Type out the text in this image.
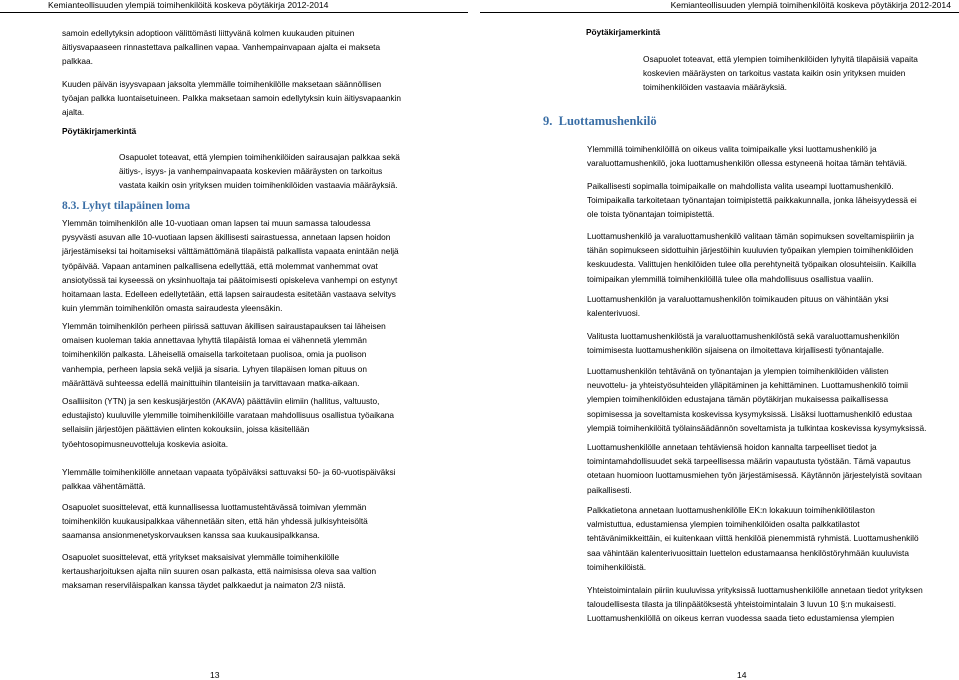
Kemianteollisuuden ylempiä toimihenkilöitä koskeva pöytäkirja 2012-2014
samoin edellytyksin adoptioon välittömästi liittyvänä kolmen kuukauden pituinen
äitiysvapaaseen rinnastettava palkallinen vapaa. Vanhempainvapaan ajalta ei makseta
palkkaa.
Kuuden päivän isyysvapaan jaksolta ylemmälle toimihenkilölle maksetaan säännöllisen
työajan palkka luontaisetuineen. Palkka maksetaan samoin edellytyksin kuin äitiysvapaankin
ajalta.
Pöytäkirjamerkintä
Osapuolet toteavat, että ylempien toimihenkilöiden sairausajan palkkaa sekä
äitiys-, isyys- ja vanhempainvapaata koskevien määräysten on tarkoitus
vastata kaikin osin yrityksen muiden toimihenkilöiden vastaavia määräyksiä.
8.3. Lyhyt tilapäinen loma
Ylemmän toimihenkilön alle 10-vuotiaan oman lapsen tai muun samassa taloudessa
pysyvästi asuvan alle 10-vuotiaan lapsen äkillisesti sairastuessa, annetaan lapsen hoidon
järjestämiseksi tai hoitamiseksi välttämättömänä tilapäistä palkallista vapaata enintään neljä
työpäivää. Vapaan antaminen palkallisena edellyttää, että molemmat vanhemmat ovat
ansiotyössä tai kyseessä on yksinhuoltaja tai päätoimisesti opiskeleva vanhempi on estynyt
hoitamaan lasta. Edelleen edellytetään, että lapsen sairaudesta esitetään vastaava selvitys
kuin ylemmän toimihenkilön omasta sairaudesta yleensäkin.
Ylemmän toimihenkilön perheen piirissä sattuvan äkillisen sairaustapauksen tai läheisen
omaisen kuoleman takia annettavaa lyhyttä tilapäistä lomaa ei vähennetä ylemmän
toimihenkilön palkasta. Läheisellä omaisella tarkoitetaan puolisoa, omia ja puolison
vanhempia, perheen lapsia sekä veljiä ja sisaria. Lyhyen tilapäisen loman pituus on
määrättävä suhteessa edellä mainittuihin tilanteisiin ja tarvittavaan matka-aikaan.
Osalliisiton (YTN) ja sen keskusjärjestön (AKAVA) päättäviin elimiin (hallitus, valtuusto,
edustajisto) kuuluville ylemmille toimihenkilöille varataan mahdollisuus osallistua työaikana
sellaisiin järjestöjen päättävien elinten kokouksiin, joissa käsitellään
työehtosopimusneuvotteluja koskevia asioita.
Ylemmälle toimihenkilölle annetaan vapaata työpäiväksi sattuvaksi 50- ja 60-vuotispäiväksi
palkkaa vähentämättä.
Osapuolet suosittelevat, että kunnallisessa luottamustehtävässä toimivan ylemmän
toimihenkilön kuukausipalkkaa vähennetään siten, että hän yhdessä julkisyhteisöltä
saamansa ansionmenetyskorvauksen kanssa saa kuukausipalkkansa.
Osapuolet suosittelevat, että yritykset maksaisivat ylemmälle toimihenkilölle
kertausharjoituksen ajalta niin suuren osan palkasta, että naimisissa oleva saa valtion
maksaman reserviläispalkan kanssa täydet palkkaedut ja naimaton 2/3 niistä.
13
Kemianteollisuuden ylempiä toimihenkilöitä koskeva pöytäkirja 2012-2014
Pöytäkirjamerkintä
Osapuolet toteavat, että ylempien toimihenkilöiden lyhyitä tilapäisiä vapaita
koskevien määräysten on tarkoitus vastata kaikin osin yrityksen muiden
toimihenkilöiden vastaavia määräyksiä.
9.  Luottamushenkilö
Ylemmillä toimihenkilöillä on oikeus valita toimipaikalle yksi luottamushenkilö ja
varaluottamushenkilö, joka luottamushenkilön ollessa estyneenä hoitaa tämän tehtäviä.
Paikallisesti sopimalla toimipaikalle on mahdollista valita useampi luottamushenkilö.
Toimipaikalla tarkoitetaan työnantajan toimipistettä paikkakunnalla, jonka läheisyydessä ei
ole toista työnantajan toimipistettä.
Luottamushenkilö ja varaluottamushenkilö valitaan tämän sopimuksen soveltamispiiriin ja
tähän sopimukseen sidottuihin järjestöihin kuuluvien työpaikan ylempien toimihenkilöiden
keskuudesta. Valittujen henkilöiden tulee olla perehtyneitä työpaikan olosuhteisiin. Kaikilla
toimipaikan ylemmillä toimihenkilöillä tulee olla mahdollisuus osallistua vaaliin.
Luottamushenkilön ja varaluottamushenkilön toimikauden pituus on vähintään yksi
kalenterivuosi.
Valitusta luottamushenkilöstä ja varaluottamushenkilöstä sekä varaluottamushenkilön
toimimisesta luottamushenkilön sijaisena on ilmoitettava kirjallisesti työnantajalle.
Luottamushenkilön tehtävänä on työnantajan ja ylempien toimihenkilöiden välisten
neuvottelu- ja yhteistyösuhteiden ylläpitäminen ja kehittäminen. Luottamushenkilö toimii
ylempien toimihenkilöiden edustajana tämän pöytäkirjan mukaisessa paikallisessa
sopimisessa ja soveltamista koskevissa kysymyksissä. Lisäksi luottamushenkilö edustaa
ylempiä toimihenkilöitä työlainsäädännön soveltamista ja tulkintaa koskevissa kysymyksissä.
Luottamushenkilölle annetaan tehtäviensä hoidon kannalta tarpeelliset tiedot ja
toimintamahdollisuudet sekä tarpeellisessa määrin vapautusta työstään. Tämä vapautus
otetaan huomioon luottamusmiehen työn järjestämisessä. Käytännön järjestelyistä sovitaan
paikallisesti.
Palkkatietona annetaan luottamushenkilölle EK:n lokakuun toimihenkilötilaston
valmistuttua, edustamiensa ylempien toimihenkilöiden osalta palkkatilastot
tehtävänimikkeittäin, ei kuitenkaan viittä henkilöä pienemmistä ryhmistä. Luottamushenkilö
saa vähintään kalenterivuosittain luettelon edustamaansa henkilöstöryhmään kuuluvista
toimihenkilöistä.
Yhteistoimintalain piiriin kuuluvissa yrityksissä luottamushenkilölle annetaan tiedot yrityksen
taloudellisesta tilasta ja tilinpäätöksestä yhteistoimintalain 3 luvun 10 §:n mukaisesti.
Luottamushenkilöllä on oikeus kerran vuodessa saada tieto edustamiensa ylempien
14
